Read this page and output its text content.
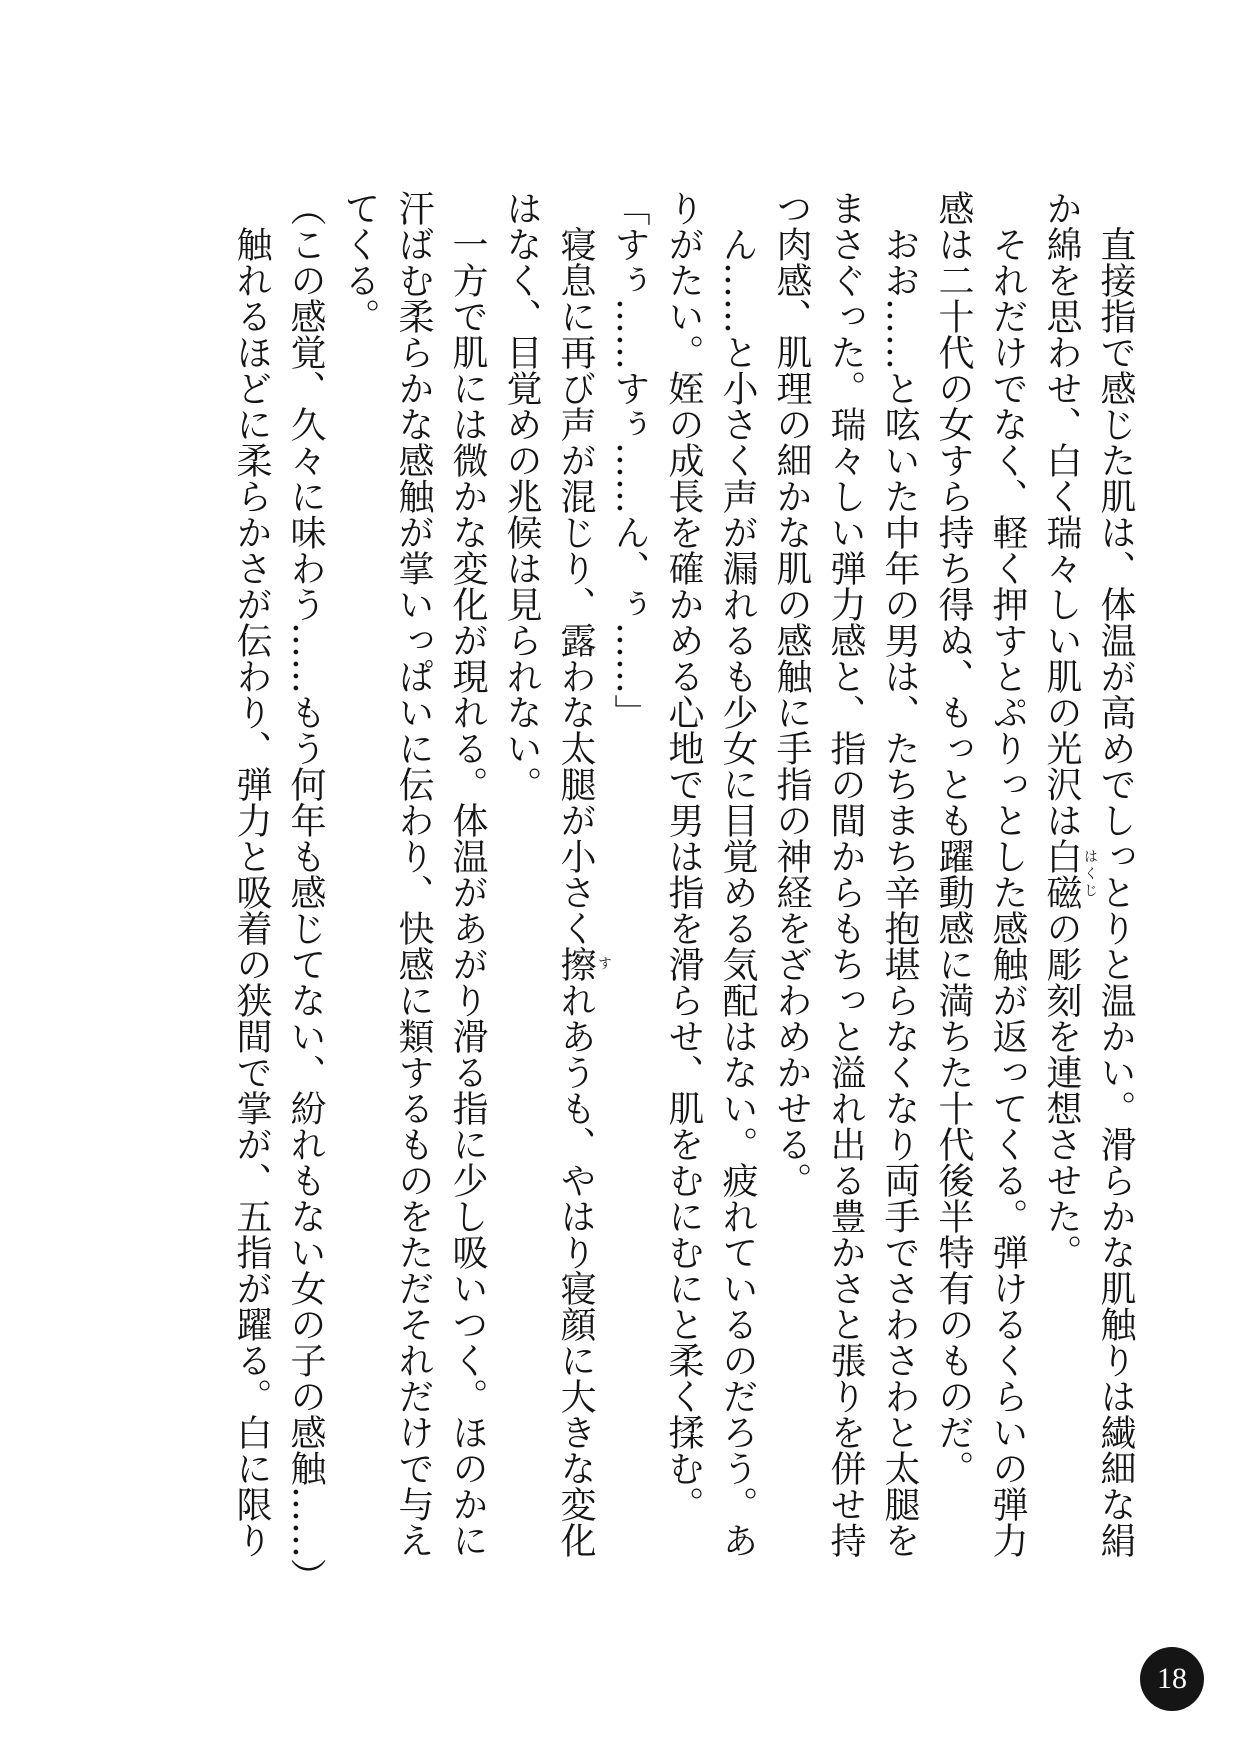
　直接指で感じた肌は、体温が高めでしっとりと温かい。滑らかな肌触りは繊細な絹
か綿を思わせ、白く瑞々しい肌の光沢は白磁 はくじ
の彫刻を連想させた。
　それだけでなく、軽く押すとぷりっとした感触が返ってくる。弾けるくらいの弾力
感は二十代の女すら持ち得ぬ、もっとも躍動感に満ちた十代後半特有のものだ。
　おお……と呟いた中年の男は、たちまち辛抱堪らなくなり両手でさわさわと太腿を
まさぐった。瑞々しい弾力感と、指の間からもちっと溢れ出る豊かさと張りを併せ持
つ肉感、肌理の細かな肌の感触に手指の神経をざわめかせる。
　ん……と小さく声が漏れるも少女に目覚める気配はない。疲れているのだろう。あ
りがたい。姪の成長を確かめる心地で男は指を滑らせ、肌をむにむにと柔く揉む。
「すぅ……すぅ……ん、ぅ……」
　寝息に再び声が混じり、露わな太腿が小さく擦 す
れあうも、やはり寝顔に大きな変化
はなく、目覚めの兆候は見られない。
　一方で肌には微かな変化が現れる。体温があがり滑る指に少し吸いつく。ほのかに
汗ばむ柔らかな感触が掌いっぱいに伝わり、快感に類するものをただそれだけで与え
てくる。
（この感覚、久々に味わう……もう何年も感じてない、紛れもない女の子の感触……）
　触れるほどに柔らかさが伝わり、弾力と吸着の狭間で掌が、五指が躍る。白に限り
18
